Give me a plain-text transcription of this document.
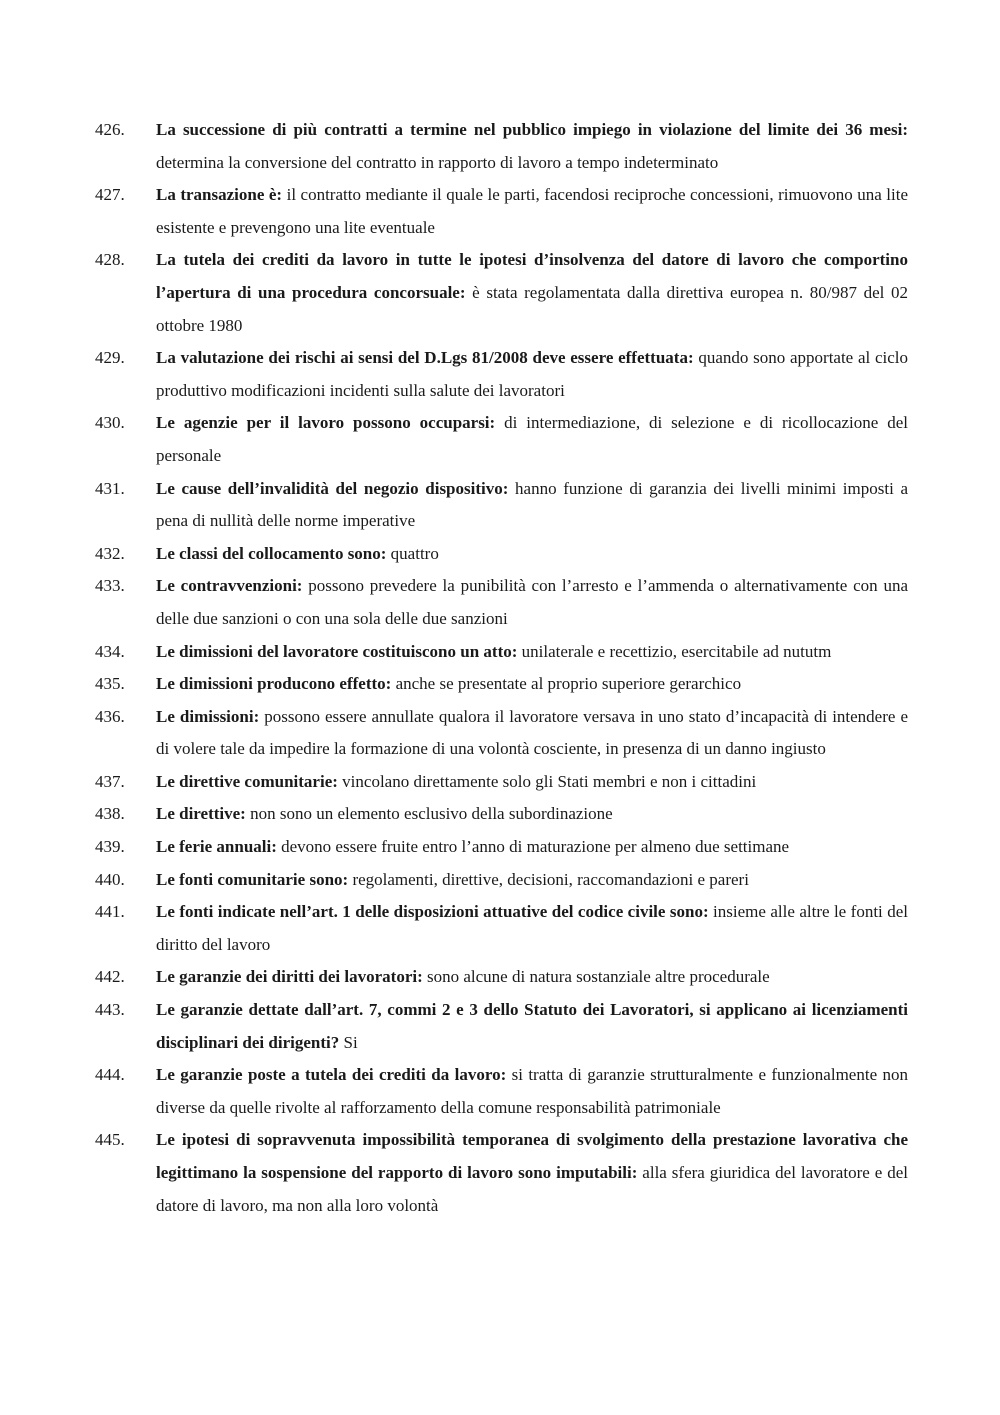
426.	La successione di più contratti a termine nel pubblico impiego in violazione del limite dei 36 mesi: determina la conversione del contratto in rapporto di lavoro a tempo indeterminato

427.	La transazione è: il contratto mediante il quale le parti, facendosi reciproche concessioni, rimuovono una lite esistente e prevengono una lite eventuale

428.	La tutela dei crediti da lavoro in tutte le ipotesi d’insolvenza del datore di lavoro che comportino l’apertura di una procedura concorsuale: è stata regolamentata dalla direttiva europea n. 80/987 del 02 ottobre 1980

429.	La valutazione dei rischi ai sensi del D.Lgs 81/2008 deve essere effettuata: quando sono apportate al ciclo produttivo modificazioni incidenti sulla salute dei lavoratori

430.	Le agenzie per il lavoro possono occuparsi: di intermediazione, di selezione e di ricollocazione del personale

431.	Le cause dell’invalidità del negozio dispositivo: hanno funzione di garanzia dei livelli minimi imposti a pena di nullità delle norme imperative

432.	Le classi del collocamento sono: quattro

433.	Le contravvenzioni: possono prevedere la punibilità con l’arresto e l’ammenda o alternativamente con una delle due sanzioni o con una sola delle due sanzioni

434.	Le dimissioni del lavoratore costituiscono un atto: unilaterale e recettizio, esercitabile ad nututm

435.	Le dimissioni producono effetto: anche se presentate al proprio superiore gerarchico

436.	Le dimissioni: possono essere annullate qualora il lavoratore versava in uno stato d’incapacità di intendere e di volere tale da impedire la formazione di una volontà cosciente, in presenza di un danno ingiusto

437.	Le direttive comunitarie: vincolano direttamente solo gli Stati membri e non i cittadini

438.	Le direttive: non sono un elemento esclusivo della subordinazione

439.	Le ferie annuali: devono essere fruite entro l’anno di maturazione per almeno due settimane

440.	Le fonti comunitarie sono: regolamenti, direttive, decisioni, raccomandazioni e pareri

441.	Le fonti indicate nell’art. 1 delle disposizioni attuative del codice civile sono: insieme alle altre le fonti del diritto del lavoro

442.	Le garanzie dei diritti dei lavoratori: sono alcune di natura sostanziale altre procedurale

443.	Le garanzie dettate dall’art. 7, commi 2 e 3 dello Statuto dei Lavoratori, si applicano ai licenziamenti disciplinari dei dirigenti? Si

444.	Le garanzie poste a tutela dei crediti da lavoro: si tratta di garanzie strutturalmente e funzionalmente non diverse da quelle rivolte al rafforzamento della comune responsabilità patrimoniale

445.	Le ipotesi di sopravvenuta impossibilità temporanea di svolgimento della prestazione lavorativa che legittimano la sospensione del rapporto di lavoro sono imputabili: alla sfera giuridica del lavoratore e del datore di lavoro, ma non alla loro volontà
